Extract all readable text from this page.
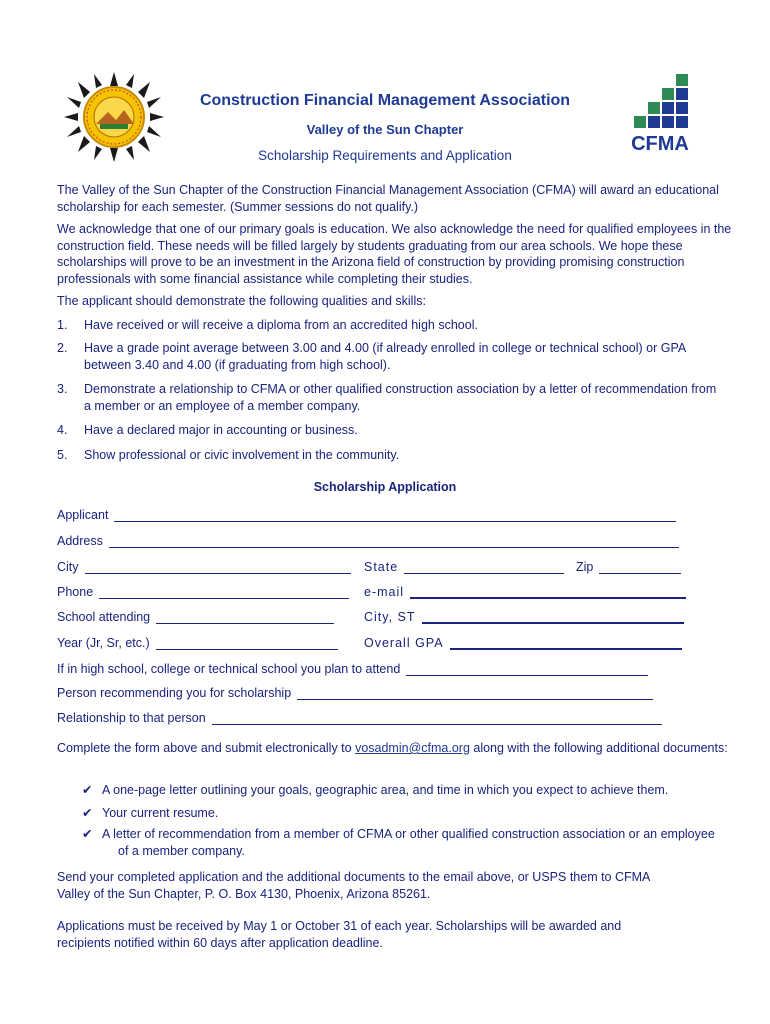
CFMA
Construction Financial Management Association
Valley of the Sun Chapter
Scholarship Requirements and Application
The Valley of the Sun Chapter of the Construction Financial Management Association (CFMA) will award an educational scholarship for each semester. (Summer sessions do not qualify.)
We acknowledge that one of our primary goals is education. We also acknowledge the need for qualified employees in the construction field. These needs will be filled largely by students graduating from our area schools. We hope these scholarships will prove to be an investment in the Arizona field of construction by providing promising construction professionals with some financial assistance while completing their studies.
The applicant should demonstrate the following qualities and skills:
1. Have received or will receive a diploma from an accredited high school.
2. Have a grade point average between 3.00 and 4.00 (if already enrolled in college or technical school) or GPA between 3.40 and 4.00 (if graduating from high school).
3. Demonstrate a relationship to CFMA or other qualified construction association by a letter of recommendation from a member or an employee of a member company.
4. Have a declared major in accounting or business.
5. Show professional or civic involvement in the community.
Scholarship Application
Applicant
Address
City	State	Zip
Phone	e-mail
School attending	City, ST
Year (Jr, Sr, etc.)	Overall GPA
If in high school, college or technical school you plan to attend
Person recommending you for scholarship
Relationship to that person
Complete the form above and submit electronically to vosadmin@cfma.org along with the following additional documents:
✔ A one-page letter outlining your goals, geographic area, and time in which you expect to achieve them.
✔ Your current resume.
✔ A letter of recommendation from a member of CFMA or other qualified construction association or an employee of a member company.
Send your completed application and the additional documents to the email above, or USPS them to CFMA Valley of the Sun Chapter, P. O. Box 4130, Phoenix, Arizona 85261.
Applications must be received by May 1 or October 31 of each year. Scholarships will be awarded and recipients notified within 60 days after application deadline.
